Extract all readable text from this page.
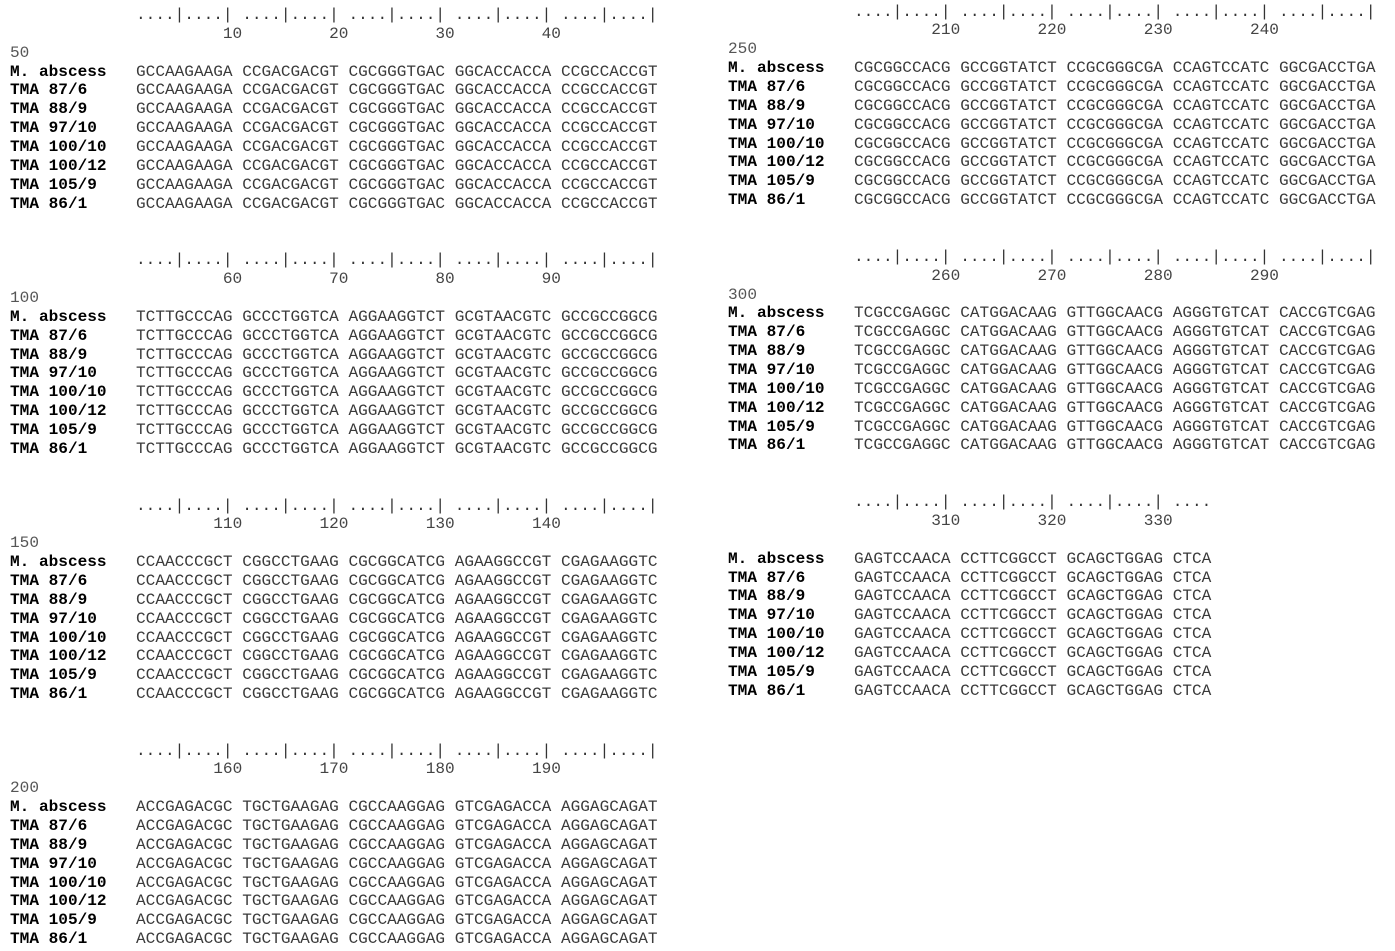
....|....| ....|....| ....|....| ....|....| ....|....|
10	20	30	40
50
M. abscess	GCCAAGAAGA CCGACGACGT CGCGGGTGAC GGCACCACCA CCGCCACCGT
TMA 87/6	GCCAAGAAGA CCGACGACGT CGCGGGTGAC GGCACCACCA CCGCCACCGT
TMA 88/9	GCCAAGAAGA CCGACGACGT CGCGGGTGAC GGCACCACCA CCGCCACCGT
TMA 97/10	GCCAAGAAGA CCGACGACGT CGCGGGTGAC GGCACCACCA CCGCCACCGT
TMA 100/10	GCCAAGAAGA CCGACGACGT CGCGGGTGAC GGCACCACCA CCGCCACCGT
TMA 100/12	GCCAAGAAGA CCGACGACGT CGCGGGTGAC GGCACCACCA CCGCCACCGT
TMA 105/9	GCCAAGAAGA CCGACGACGT CGCGGGTGAC GGCACCACCA CCGCCACCGT
TMA 86/1	GCCAAGAAGA CCGACGACGT CGCGGGTGAC GGCACCACCA CCGCCACCGT
....|....| ....|....| ....|....| ....|....| ....|....|
60	70	80	90
100
M. abscess	TCTTGCCCAG GCCCTGGTCA AGGAAGGTCT GCGTAACGTC GCCGCCGGCG
TMA 87/6	TCTTGCCCAG GCCCTGGTCA AGGAAGGTCT GCGTAACGTC GCCGCCGGCG
TMA 88/9	TCTTGCCCAG GCCCTGGTCA AGGAAGGTCT GCGTAACGTC GCCGCCGGCG
TMA 97/10	TCTTGCCCAG GCCCTGGTCA AGGAAGGTCT GCGTAACGTC GCCGCCGGCG
TMA 100/10	TCTTGCCCAG GCCCTGGTCA AGGAAGGTCT GCGTAACGTC GCCGCCGGCG
TMA 100/12	TCTTGCCCAG GCCCTGGTCA AGGAAGGTCT GCGTAACGTC GCCGCCGGCG
TMA 105/9	TCTTGCCCAG GCCCTGGTCA AGGAAGGTCT GCGTAACGTC GCCGCCGGCG
TMA 86/1	TCTTGCCCAG GCCCTGGTCA AGGAAGGTCT GCGTAACGTC GCCGCCGGCG
....|....| ....|....| ....|....| ....|....| ....|....|
110	120	130	140
150
M. abscess	CCAACCCGCT CGGCCTGAAG CGCGGCATCG AGAAGGCCGT CGAGAAGGTC
TMA 87/6	CCAACCCGCT CGGCCTGAAG CGCGGCATCG AGAAGGCCGT CGAGAAGGTC
TMA 88/9	CCAACCCGCT CGGCCTGAAG CGCGGCATCG AGAAGGCCGT CGAGAAGGTC
TMA 97/10	CCAACCCGCT CGGCCTGAAG CGCGGCATCG AGAAGGCCGT CGAGAAGGTC
TMA 100/10	CCAACCCGCT CGGCCTGAAG CGCGGCATCG AGAAGGCCGT CGAGAAGGTC
TMA 100/12	CCAACCCGCT CGGCCTGAAG CGCGGCATCG AGAAGGCCGT CGAGAAGGTC
TMA 105/9	CCAACCCGCT CGGCCTGAAG CGCGGCATCG AGAAGGCCGT CGAGAAGGTC
TMA 86/1	CCAACCCGCT CGGCCTGAAG CGCGGCATCG AGAAGGCCGT CGAGAAGGTC
....|....| ....|....| ....|....| ....|....| ....|....|
160	170	180	190
200
M. abscess	ACCGAGACGC TGCTGAAGAG CGCCAAGGAG GTCGAGACCA AGGAGCAGAT
TMA 87/6	ACCGAGACGC TGCTGAAGAG CGCCAAGGAG GTCGAGACCA AGGAGCAGAT
TMA 88/9	ACCGAGACGC TGCTGAAGAG CGCCAAGGAG GTCGAGACCA AGGAGCAGAT
TMA 97/10	ACCGAGACGC TGCTGAAGAG CGCCAAGGAG GTCGAGACCA AGGAGCAGAT
TMA 100/10	ACCGAGACGC TGCTGAAGAG CGCCAAGGAG GTCGAGACCA AGGAGCAGAT
TMA 100/12	ACCGAGACGC TGCTGAAGAG CGCCAAGGAG GTCGAGACCA AGGAGCAGAT
TMA 105/9	ACCGAGACGC TGCTGAAGAG CGCCAAGGAG GTCGAGACCA AGGAGCAGAT
TMA 86/1	ACCGAGACGC TGCTGAAGAG CGCCAAGGAG GTCGAGACCA AGGAGCAGAT
....|....| ....|....| ....|....| ....|....| ....|....|
210	220	230	240
250
M. abscess	CGCGGCCACG GCCGGTATCT CCGCGGGCGA CCAGTCCATC GGCGACCTGA
TMA 87/6	CGCGGCCACG GCCGGTATCT CCGCGGGCGA CCAGTCCATC GGCGACCTGA
TMA 88/9	CGCGGCCACG GCCGGTATCT CCGCGGGCGA CCAGTCCATC GGCGACCTGA
TMA 97/10	CGCGGCCACG GCCGGTATCT CCGCGGGCGA CCAGTCCATC GGCGACCTGA
TMA 100/10	CGCGGCCACG GCCGGTATCT CCGCGGGCGA CCAGTCCATC GGCGACCTGA
TMA 100/12	CGCGGCCACG GCCGGTATCT CCGCGGGCGA CCAGTCCATC GGCGACCTGA
TMA 105/9	CGCGGCCACG GCCGGTATCT CCGCGGGCGA CCAGTCCATC GGCGACCTGA
TMA 86/1	CGCGGCCACG GCCGGTATCT CCGCGGGCGA CCAGTCCATC GGCGACCTGA
....|....| ....|....| ....|....| ....|....| ....|....|
260	270	280	290
300
M. abscess	TCGCCGAGGC CATGGACAAG GTTGGCAACG AGGGTGTCAT CACCGTCGAG
TMA 87/6	TCGCCGAGGC CATGGACAAG GTTGGCAACG AGGGTGTCAT CACCGTCGAG
TMA 88/9	TCGCCGAGGC CATGGACAAG GTTGGCAACG AGGGTGTCAT CACCGTCGAG
TMA 97/10	TCGCCGAGGC CATGGACAAG GTTGGCAACG AGGGTGTCAT CACCGTCGAG
TMA 100/10	TCGCCGAGGC CATGGACAAG GTTGGCAACG AGGGTGTCAT CACCGTCGAG
TMA 100/12	TCGCCGAGGC CATGGACAAG GTTGGCAACG AGGGTGTCAT CACCGTCGAG
TMA 105/9	TCGCCGAGGC CATGGACAAG GTTGGCAACG AGGGTGTCAT CACCGTCGAG
TMA 86/1	TCGCCGAGGC CATGGACAAG GTTGGCAACG AGGGTGTCAT CACCGTCGAG
....|....| ....|....| ....|....| ....
310	320	330
M. abscess	GAGTCCAACA CCTTCGGCCT GCAGCTGGAG CTCA
TMA 87/6	GAGTCCAACA CCTTCGGCCT GCAGCTGGAG CTCA
TMA 88/9	GAGTCCAACA CCTTCGGCCT GCAGCTGGAG CTCA
TMA 97/10	GAGTCCAACA CCTTCGGCCT GCAGCTGGAG CTCA
TMA 100/10	GAGTCCAACA CCTTCGGCCT GCAGCTGGAG CTCA
TMA 100/12	GAGTCCAACA CCTTCGGCCT GCAGCTGGAG CTCA
TMA 105/9	GAGTCCAACA CCTTCGGCCT GCAGCTGGAG CTCA
TMA 86/1	GAGTCCAACA CCTTCGGCCT GCAGCTGGAG CTCA
